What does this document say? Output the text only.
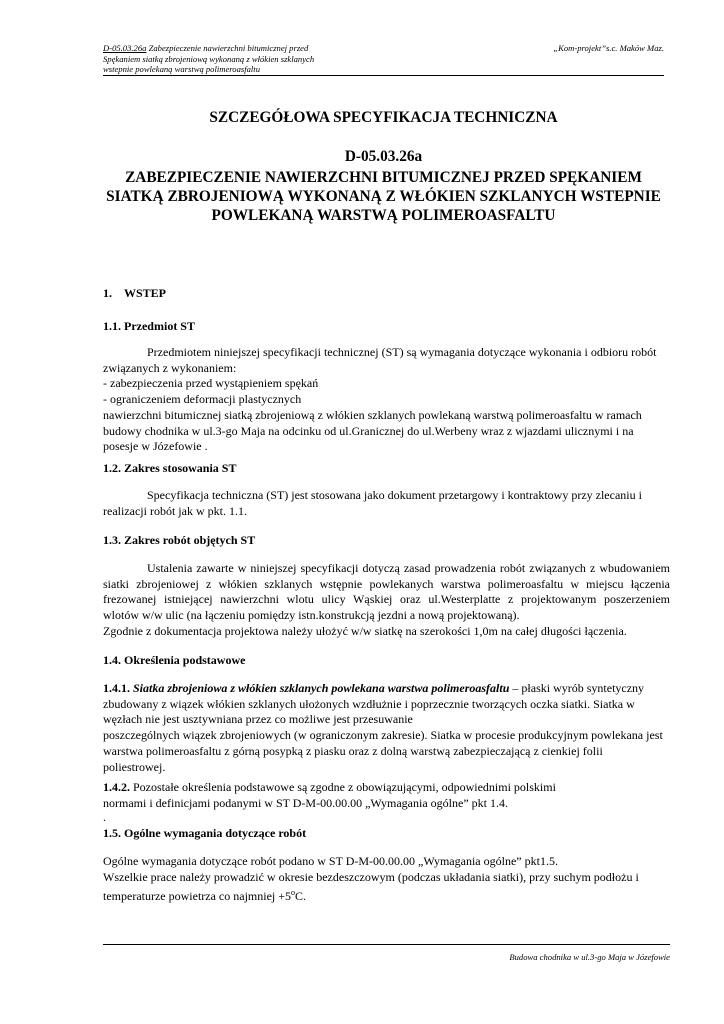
D-05.03.26a Zabezpieczenie nawierzchni bitumicznej przed
Spękaniem siatką zbrojeniową wykonaną z włókien szklanych
wstepnie powlekaną warstwą polimeroasfaltu
„Kom-projekt”s.c. Maków Maz.
SZCZEGÓŁOWA SPECYFIKACJA TECHNICZNA
D-05.03.26a
ZABEZPIECZENIE NAWIERZCHNI BITUMICZNEJ PRZED SPĘKANIEM SIATKĄ ZBROJENIOWĄ WYKONANĄ Z WŁÓKIEN SZKLANYCH WSTEPNIE POWLEKANĄ WARSTWĄ POLIMEROASFALTU
1. WSTEP
1.1. Przedmiot ST
Przedmiotem niniejszej specyfikacji technicznej (ST) są wymagania dotyczące wykonania i odbioru robót
związanych z wykonaniem:
- zabezpieczenia przed wystąpieniem spękań
- ograniczeniem deformacji plastycznych
nawierzchni bitumicznej siatką zbrojeniową z włókien szklanych powlekaną warstwą polimeroasfaltu w ramach
budowy chodnika w ul.3-go Maja na odcinku od ul.Granicznej do ul.Werbeny wraz z wjazdami ulicznymi i na
posesje w Józefowie .
1.2. Zakres stosowania ST
Specyfikacja techniczna (ST) jest stosowana jako dokument przetargowy i kontraktowy przy zlecaniu i
realizacji robót jak w pkt. 1.1.
1.3. Zakres robót objętych ST
Ustalenia zawarte w niniejszej specyfikacji dotyczą zasad prowadzenia robót związanych z wbudowaniem
siatki zbrojeniowej z włókien szklanych wstępnie powlekanych warstwa polimeroasfaltu w miejscu łączenia
frezowanej istniejącej nawierzchni wlotu ulicy Wąskiej oraz ul.Westerplatte z projektowanym poszerzeniem
wlotów w/w ulic (na łączeniu pomiędzy istn.konstrukcją jezdni a nową projektowaną).
Zgodnie z dokumentacja projektowa należy ułożyć w/w siatkę na szerokości 1,0m na całej długości łączenia.
1.4. Określenia podstawowe
1.4.1. Siatka zbrojeniowa z włókien szklanych powlekana warstwa polimeroasfaltu – płaski wyrób syntetyczny
zbudowany z wiązek włókien szklanych ułożonych wzdłużnie i poprzecznie tworzących oczka siatki. Siatka w
węzłach nie jest usztywniana przez co możliwe jest przesuwanie
poszczególnych wiązek zbrojeniowych (w ograniczonym zakresie). Siatka w procesie produkcyjnym powlekana jest
warstwa polimeroasfaltu z górną posypką z piasku oraz z dolną warstwą zabezpieczającą z cienkiej folii
poliestrowej.
1.4.2. Pozostałe określenia podstawowe są zgodne z obowiązującymi, odpowiednimi polskimi
normami i definicjami podanymi w ST D-M-00.00.00 „Wymagania ogólne” pkt 1.4.
.
1.5. Ogólne wymagania dotyczące robót
Ogólne wymagania dotyczące robót podano w ST D-M-00.00.00 „Wymagania ogólne” pkt1.5.
Wszelkie prace należy prowadzić w okresie bezdeszczowym (podczas układania siatki), przy suchym podłożu i
temperaturze powietrza co najmniej $+5^oC$.
Budowa chodnika w ul.3-go Maja w Józefowie
